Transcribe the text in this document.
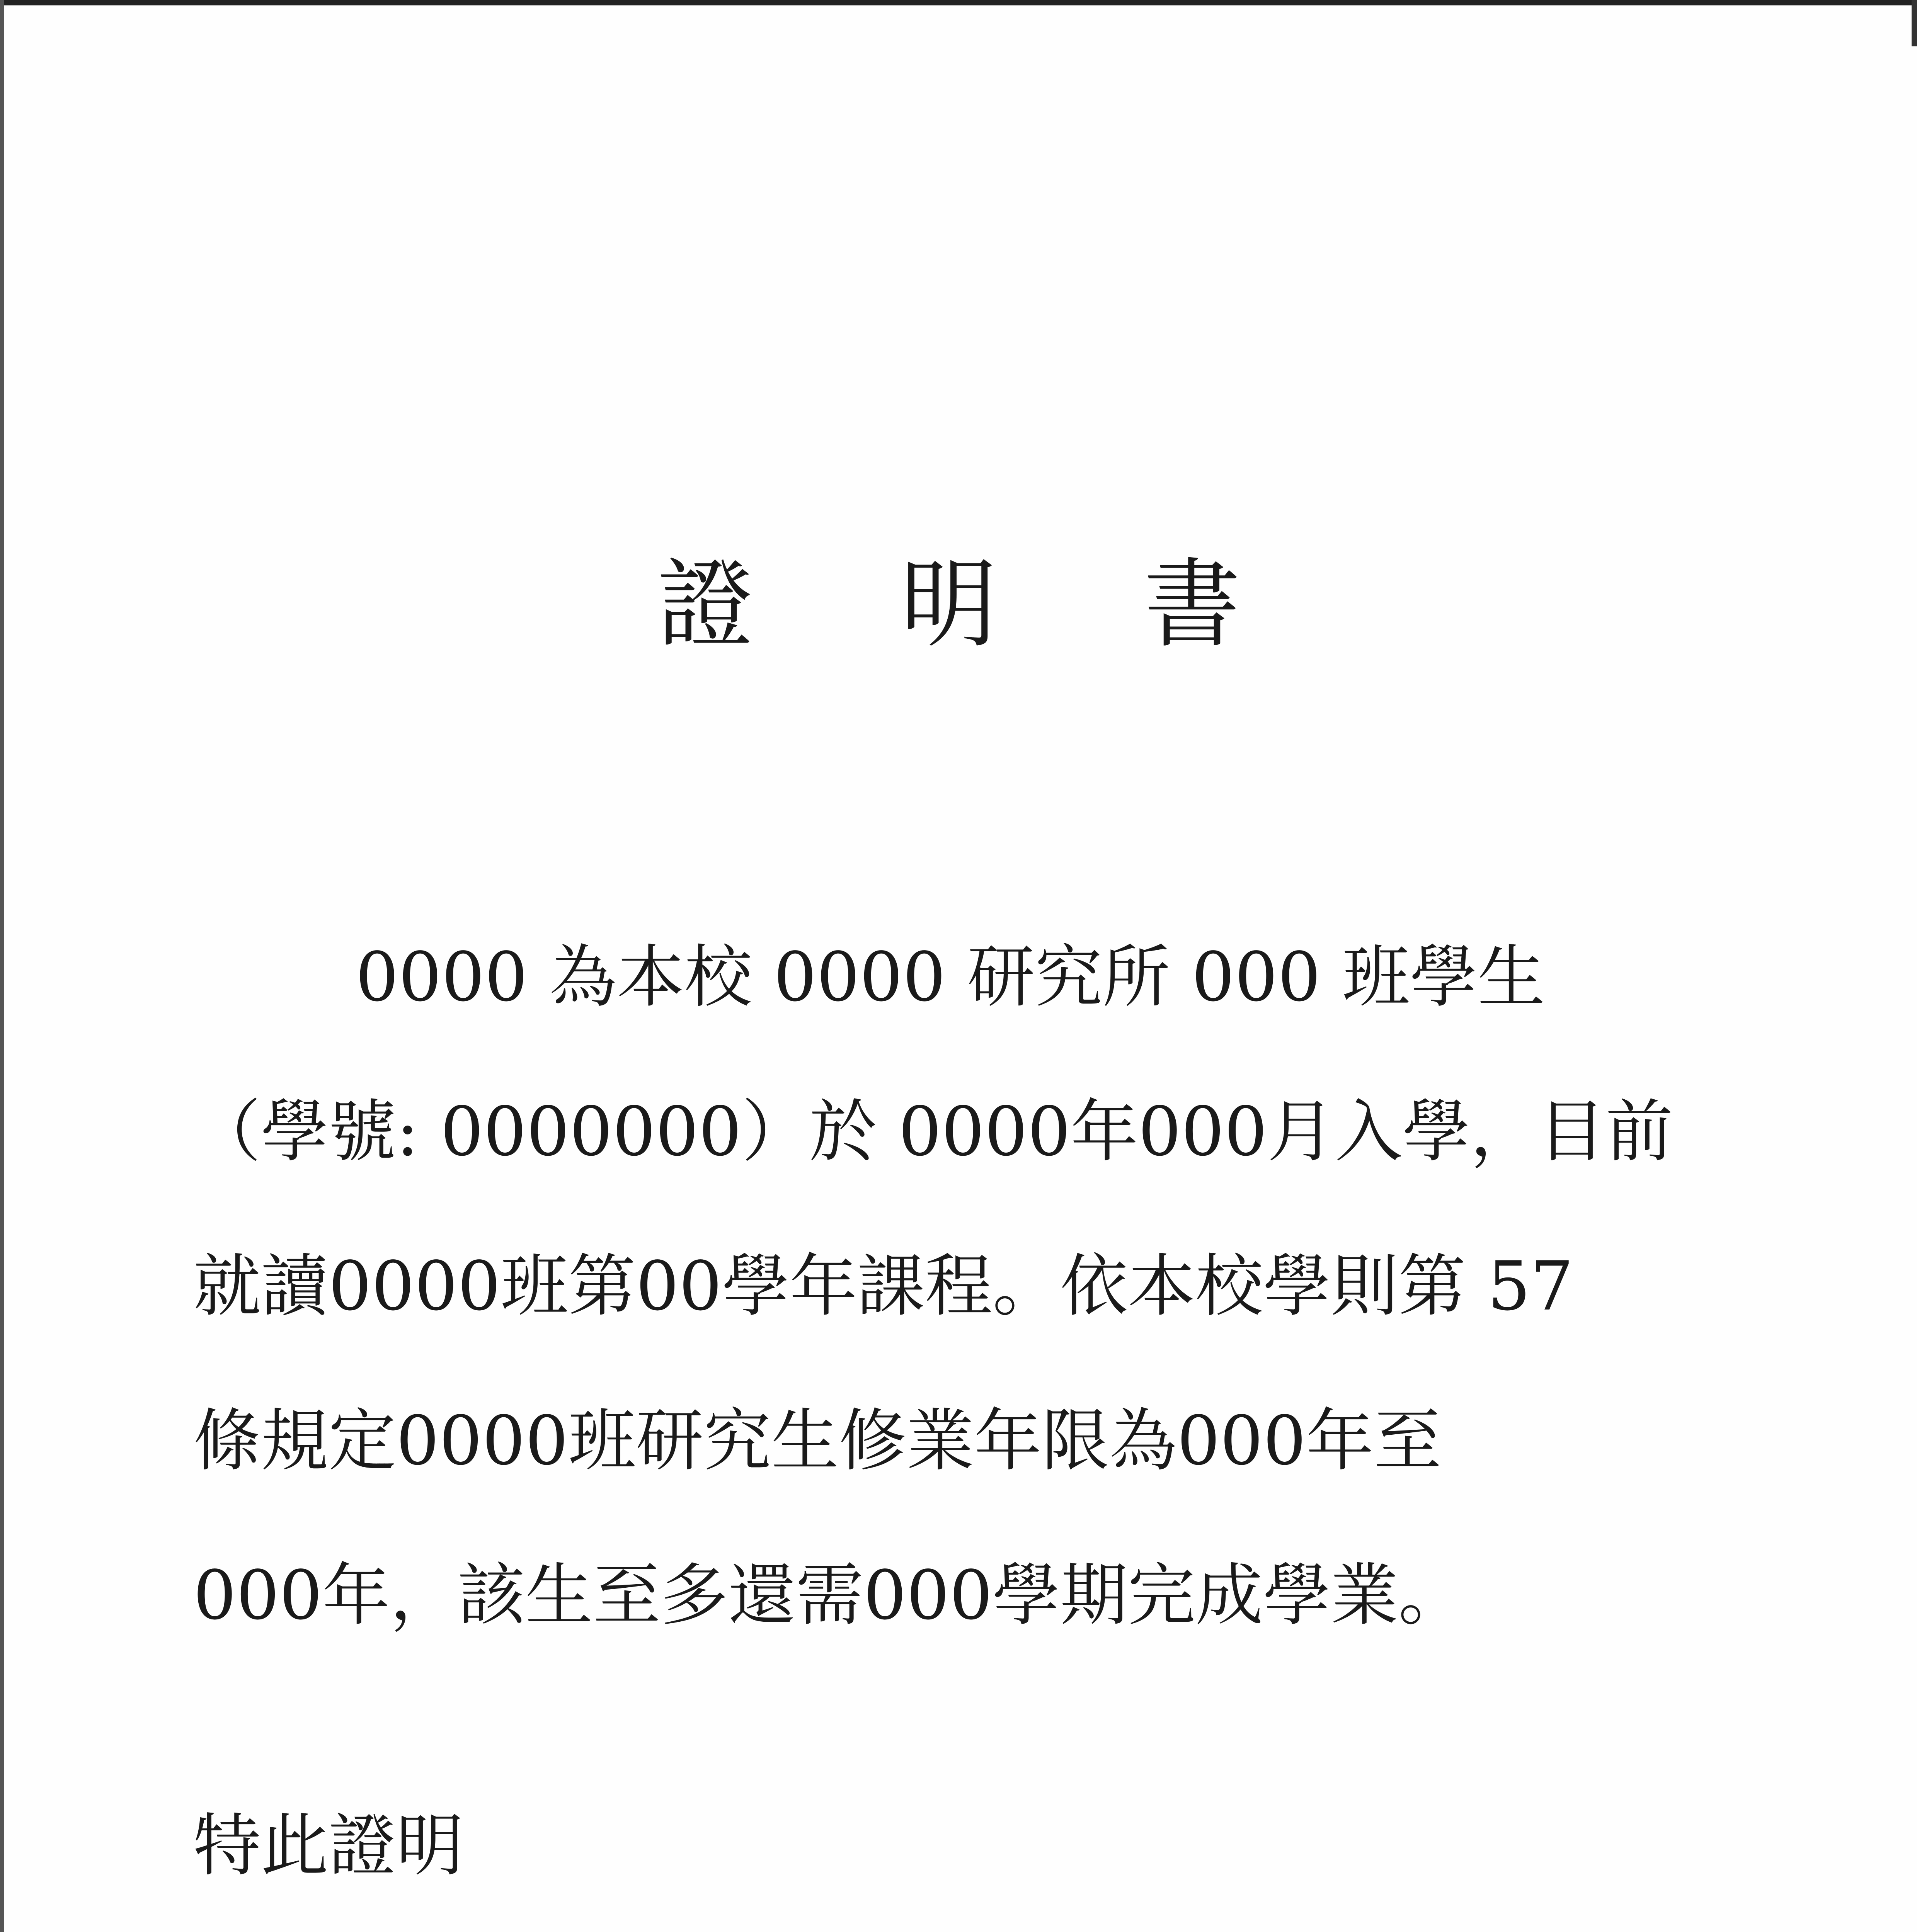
證 明 書
0000 為本校 0000 研究所 000 班學生
（學號: 0000000）於 0000年000月入學，目前
就讀0000班第00學年課程。依本校學則第 57
條規定0000班研究生修業年限為000年至
000年，該生至多還需000學期完成學業。
特此證明
